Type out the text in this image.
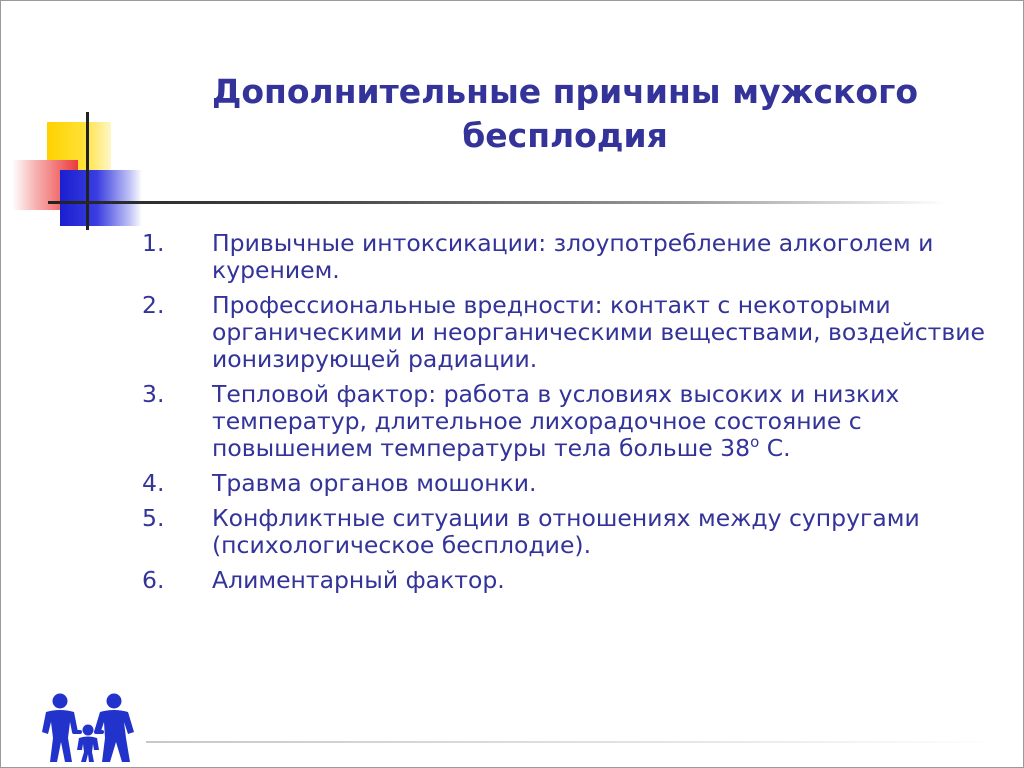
Дополнительные причины мужского бесплодия
1.	Привычные интоксикации: злоупотребление алкоголем и курением.
2.	Профессиональные вредности: контакт с некоторыми органическими и неорганическими веществами, воздействие ионизирующей радиации.
3.	Тепловой фактор: работа в условиях высоких и низких температур, длительное лихорадочное состояние с повышением температуры тела больше $38^о$ С.
4.	Травма органов мошонки.
5.	Конфликтные ситуации в отношениях между супругами (психологическое бесплодие).
6.	Алиментарный фактор.
